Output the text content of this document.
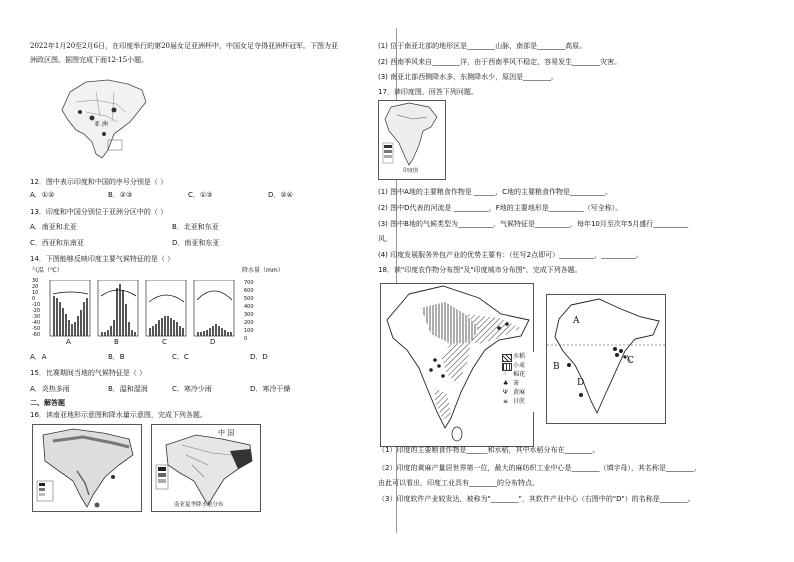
2022年1月20至2月6日，在印度举行的第20届女足亚洲杯中，中国女足夺得亚洲杯冠军。下图为亚
洲政区图。据图完成下面12-15小题。
亚 洲
12．图中表示印度和中国的序号分别是（ ）
A．①②	B．②③	C．①③	D．②④
13．印度和中国分别位于亚洲分区中的（ ）
A．南亚和北亚	B．北亚和东亚
C．西亚和东南亚	D．南亚和东亚
14．下图能够反映印度主要气候特征的是（ ）
气温（℃）	降水量（mm）
30
20
10
0
-10
-20
-30
-40
-50
-60
700
600
500
400
300
200
100
0
A	B	C	D
A．A	B．B	C．C	D．D
15．比赛期间当地的气候特征是（ ）
A．炎热多雨	B．温和湿润	C．寒冷少雨	D．寒冷干燥
二、解答题
16．读南亚地形示意图和降水量示意图，完成下列各题。
中 国
南亚夏季降水量分布
(1) 位于南亚北部的地形区是________山脉，南部是________高原。
(2) 西南季风来自________洋，由于西南季风不稳定，容易发生________灾害。
(3) 南亚北部西侧降水多，东侧降水少，原因是________。
17．读印度图，回答下列问题。
印度图
(1) 图中A地的主要粮食作物是 ______，C地的主要粮食作物是__________。
(2) 图中D代表的河流是 __________，F地的主要地形是__________（写全称）。
(3) 图中B地的气候类型为__________，气候特征是__________，每年10月至次年5月盛行__________
风。
(4) 印度发展服务外包产业的优势主要有：（任写2点即可）__________，__________。
18．读"印度农作物分布图"及"印度城市分布图"，完成下列各题。
水稻
小麦
⁖ 棉花
♣ 茶
Ψ 黄麻
≡ 甘蔗
A
B
C
D
（1）印度的主要粮食作物是______和水稻，其中水稻分布在________。
（2）印度的黄麻产量居世界第一位，最大的麻纺织工业中心是________（填字母），其名称是________，
由此可以看出，印度工业具有________的分布特点。
（3）印度软件产业较发达，被称为"________"，其软件产业中心（右图中的"D"）的名称是________。
